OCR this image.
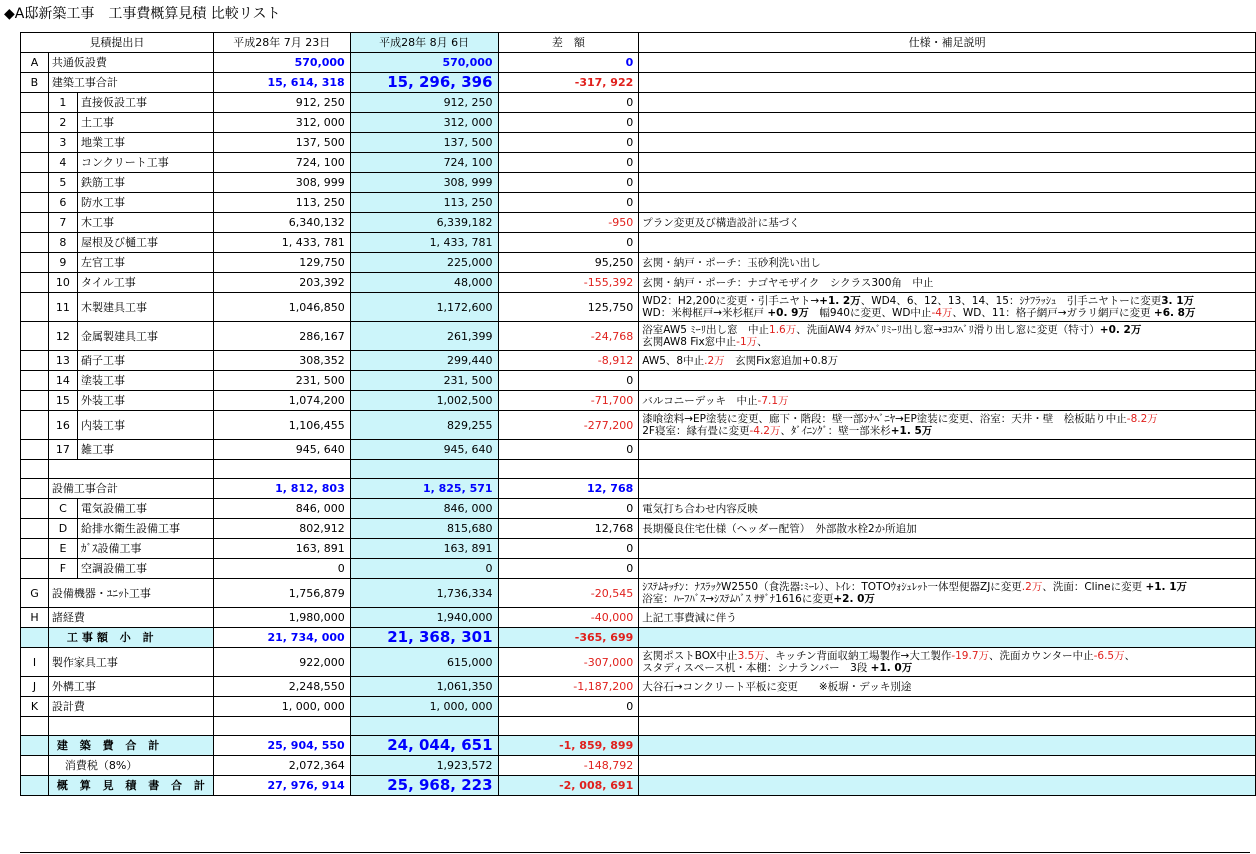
◆A邸新築工事　工事費概算見積 比較リスト
見積提出日			平成28年 7月 23日	平成28年 8月 6日	差　額	仕様・補足説明
A	共通仮設費		570,000	570,000	0	
B	建築工事合計		15, 614, 318	15, 296, 396	-317, 922	
	1	直接仮設工事	912, 250	912, 250	0	
	2	土工事	312, 000	312, 000	0	
	3	地業工事	137, 500	137, 500	0	
	4	コンクリート工事	724, 100	724, 100	0	
	5	鉄筋工事	308, 999	308, 999	0	
	6	防水工事	113, 250	113, 250	0	
	7	木工事	6,340,132	6,339,182	-950	プラン変更及び構造設計に基づく

	8	屋根及び樋工事	1, 433, 781	1, 433, 781	0	
	9	左官工事	129,750	225,000	95,250	玄関・納戸・ポーチ：玉砂利洗い出し

	10	タイル工事	203,392	48,000	-155,392	玄関・納戸・ポーチ：ナゴヤモザイク　シクラス300角　中止

	11	木製建具工事	1,046,850	1,172,600	125,750	WD2：H2,200に変更・引手ニヤト→+1. 2万、WD4、6、12、13、14、15：ｼﾅﾌﾗｯｼｭ　引手ニヤトーに変更3. 1万
WD：米栂框戸→米杉框戸 +0. 9万　幅940に変更、WD中止-4万、WD、11：格子網戸→ガラリ網戸に変更 +6. 8万

	12	金属製建具工事	286,167	261,399	-24,768	浴室AW5 ﾐｰﾘ出し窓　中止1.6万、洗面AW4 ﾀﾃｽﾍﾞﾘﾐｰﾘ出し窓→ﾖｺｽﾍﾞﾘ滑り出し窓に変更（特寸）+0. 2万
玄関AW8 Fix窓中止-1万、

	13	硝子工事	308,352	299,440	-8,912	AW5、8中止.2万　玄関Fix窓追加+0.8万

	14	塗装工事	231, 500	231, 500	0	
	15	外装工事	1,074,200	1,002,500	-71,700	バルコニーデッキ　中止-7.1万

	16	内装工事	1,106,455	829,255	-277,200	漆喰塗料→EP塗装に変更、廊下・階段：壁一部ｼﾅﾍﾞﾆﾔ→EP塗装に変更、浴室：天井・壁　桧板貼り中止-8.2万
2F寝室：縁有畳に変更-4.2万、ﾀﾞｲﾆﾝｸﾞ：壁一部米杉+1. 5万

	17	雑工事	945, 640	945, 640	0	

	設備工事合計		1, 812, 803	1, 825, 571	12, 768	
	C	電気設備工事	846, 000	846, 000	0	電気打ち合わせ内容反映

	D	給排水衛生設備工事	802,912	815,680	12,768	長期優良住宅仕様（ヘッダー配管）　外部散水栓2か所追加

	E	ｶﾞｽ設備工事	163, 891	163, 891	0	
	F	空調設備工事	0	0	0	
G	設備機器・ﾕﾆｯﾄ工事		1,756,879	1,736,334	-20,545	ｼｽﾃﾑｷｯﾁﾝ：ﾅｽﾗｯｸW2550（食洗器:ﾐｰﾚ）、ﾄｲﾚ：TOTOｳｫｼｭﾚｯﾄ一体型便器ZJに変更.2万、洗面：Clineに変更 +1. 1万
浴室：ﾊｰﾌﾊﾞｽ→ｼｽﾃﾑﾊﾞｽ ｻｻﾞﾅ1616に変更+2. 0万

H	諸経費		1,980,000	1,940,000	-40,000	上記工事費減に伴う

	工事額 小 計		21, 734, 000	21, 368, 301	-365, 699	
I	製作家具工事		922,000	615,000	-307,000	玄関ポストBOX中止3.5万、キッチン背面収納工場製作→大工製作-19.7万、洗面カウンター中止-6.5万、
スタディスペース机・本棚：シナランバー　3段 +1. 0万

J	外構工事		2,248,550	1,061,350	-1,187,200	大谷石→コンクリート平板に変更　　※板塀・デッキ別途

K	設計費		1, 000, 000	1, 000, 000	0	

	建 築 費 合 計		25, 904, 550	24, 044, 651	-1, 859, 899	
	消費税（8%）		2,072,364	1,923,572	-148,792	
	概 算 見 積 書 合 計		27, 976, 914	25, 968, 223	-2, 008, 691	
